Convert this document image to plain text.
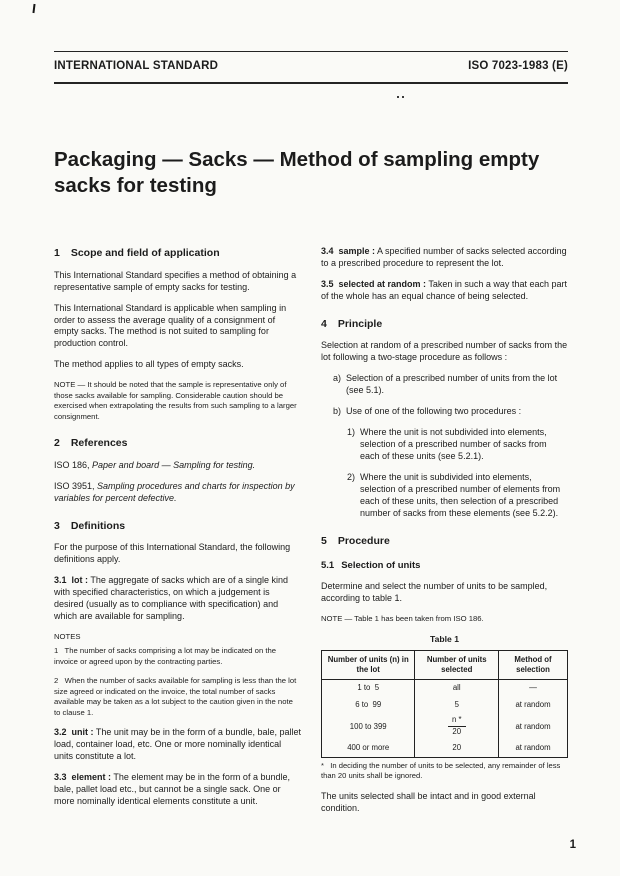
INTERNATIONAL STANDARD	ISO 7023-1983 (E)
Packaging — Sacks — Method of sampling empty sacks for testing
1 Scope and field of application

This International Standard specifies a method of obtaining a representative sample of empty sacks for testing.

This International Standard is applicable when sampling in order to assess the average quality of a consignment of empty sacks. The method is not suited to sampling for production control.

The method applies to all types of empty sacks.

NOTE — It should be noted that the sample is representative only of those sacks available for sampling. Considerable caution should be exercised when extrapolating the results from such sampling to a larger consignment.

2 References

ISO 186, Paper and board — Sampling for testing.

ISO 3951, Sampling procedures and charts for inspection by variables for percent defective.

3 Definitions

For the purpose of this International Standard, the following definitions apply.

3.1  lot : The aggregate of sacks which are of a single kind with specified characteristics, on which a judgement is desired (usually as to compliance with specification) and which are available for sampling.

NOTES

1   The number of sacks comprising a lot may be indicated on the invoice or agreed upon by the contracting parties.

2   When the number of sacks available for sampling is less than the lot size agreed or indicated on the invoice, the total number of sacks available may be taken as a lot subject to the caution given in the note to clause 1.

3.2  unit : The unit may be in the form of a bundle, bale, pallet load, container load, etc. One or more nominally identical units constitute a lot.

3.3  element : The element may be in the form of a bundle, bale, pallet load etc., but cannot be a single sack. One or more nominally identical elements constitute a unit.

3.4  sample : A specified number of sacks selected according to a prescribed procedure to represent the lot.

3.5  selected at random : Taken in such a way that each part of the whole has an equal chance of being selected.

4 Principle

Selection at random of a prescribed number of sacks from the lot following a two-stage procedure as follows :

a)  Selection of a prescribed number of units from the lot (see 5.1).

b)  Use of one of the following two procedures :

1)  Where the unit is not subdivided into elements, selection of a prescribed number of sacks from each of these units (see 5.2.1).

2)  Where the unit is subdivided into elements, selection of a prescribed number of elements from each of these units, then selection of a prescribed number of sacks from these elements (see 5.2.2).

5 Procedure
5.1 Selection of units

Determine and select the number of units to be sampled, according to table 1.

NOTE — Table 1 has been taken from ISO 186.

Table 1
Number of units (n) in the lot	Number of units selected	Method of selection
1 to  5	all	—
6 to  99	5	at random
100 to 399	$\frac{n *}{20}$	at random
400 or more	20	at random

*   In deciding the number of units to be selected, any remainder of less than 20 units shall be ignored.

The units selected shall be intact and in good external condition.

1
